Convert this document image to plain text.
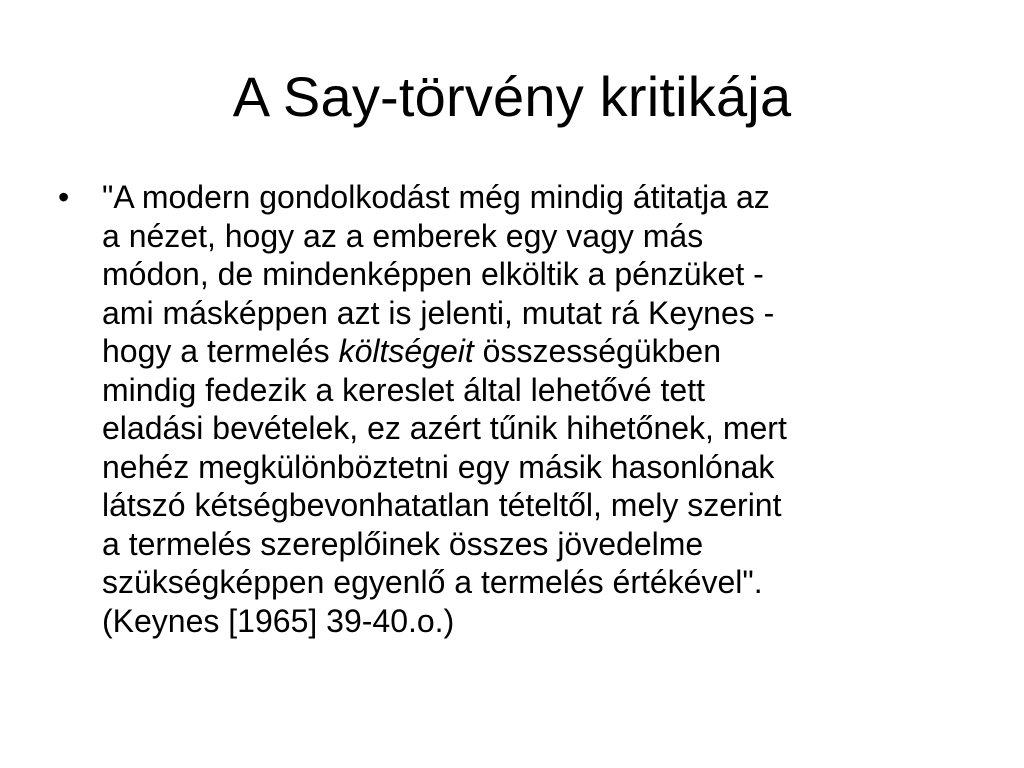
A Say-törvény kritikája
•	"A modern gondolkodást még mindig átitatja az
a nézet, hogy az a emberek egy vagy más
módon, de mindenképpen elköltik a pénzüket -
ami másképpen azt is jelenti, mutat rá Keynes -
hogy a termelés költségeit összességükben
mindig fedezik a kereslet által lehetővé tett
eladási bevételek, ez azért tűnik hihetőnek, mert
nehéz megkülönböztetni egy másik hasonlónak
látszó kétségbevonhatatlan tételtől, mely szerint
a termelés szereplőinek összes jövedelme
szükségképpen egyenlő a termelés értékével".
(Keynes [1965] 39-40.o.)
